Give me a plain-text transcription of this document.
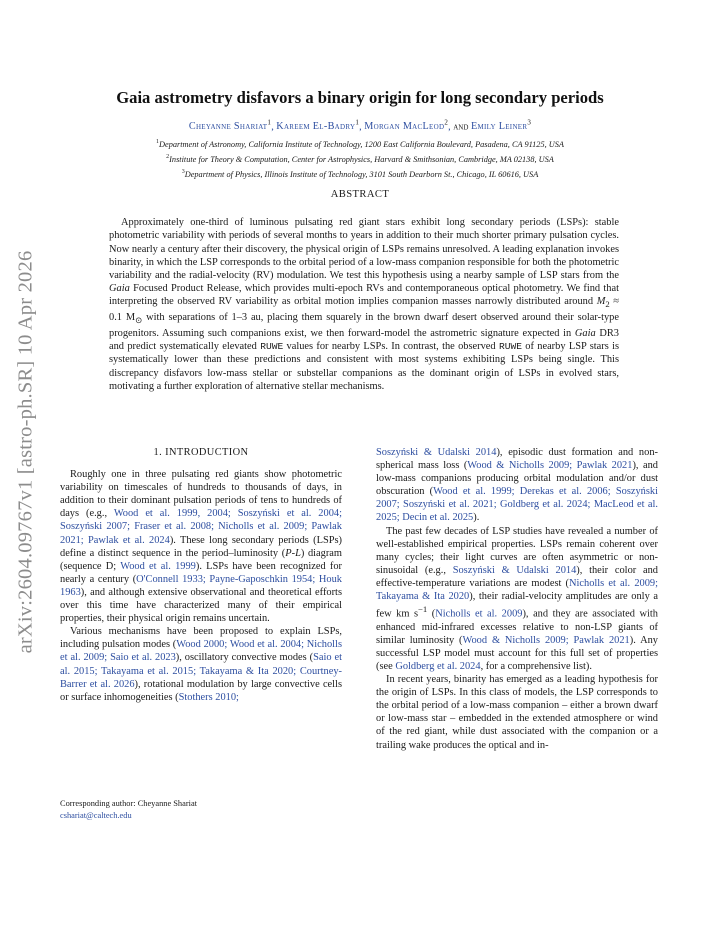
arXiv:2604.09767v1 [astro-ph.SR] 10 Apr 2026
Gaia astrometry disfavors a binary origin for long secondary periods
Cheyanne Shariat$^1$, Kareem El-Badry$^1$, Morgan MacLeod$^2$, and Emily Leiner$^3$
$^1$Department of Astronomy, California Institute of Technology, 1200 East California Boulevard, Pasadena, CA 91125, USA
$^2$Institute for Theory & Computation, Center for Astrophysics, Harvard & Smithsonian, Cambridge, MA 02138, USA
$^3$Department of Physics, Illinois Institute of Technology, 3101 South Dearborn St., Chicago, IL 60616, USA
ABSTRACT

Approximately one-third of luminous pulsating red giant stars exhibit long secondary periods (LSPs): stable photometric variability with periods of several months to years in addition to their much shorter primary pulsation cycles. Now nearly a century after their discovery, the physical origin of LSPs remains unresolved. A leading explanation invokes binarity, in which the LSP corresponds to the orbital period of a low-mass companion responsible for both the photometric variability and the radial-velocity (RV) modulation. We test this hypothesis using a nearby sample of LSP stars from the Gaia Focused Product Release, which provides multi-epoch RVs and contemporaneous optical photometry. We find that interpreting the observed RV variability as orbital motion implies companion masses narrowly distributed around $M_2 \approx 0.1$ $M_⊙$ with separations of 1–3 au, placing them squarely in the brown dwarf desert observed around their solar-type progenitors. Assuming such companions exist, we then forward-model the astrometric signature expected in Gaia DR3 and predict systematically elevated RUWE values for nearby LSPs. In contrast, the observed RUWE of nearby LSP stars is systematically lower than these predictions and consistent with most systems exhibiting LSPs being single. This discrepancy disfavors low-mass stellar or substellar companions as the dominant origin of LSPs in evolved stars, motivating a further exploration of alternative stellar mechanisms.

1. INTRODUCTION

Roughly one in three pulsating red giants show photometric variability on timescales of hundreds to thousands of days, in addition to their dominant pulsation periods of tens to hundreds of days (e.g., Wood et al. 1999, 2004; Soszyński et al. 2004; Soszyński 2007; Fraser et al. 2008; Nicholls et al. 2009; Pawlak 2021; Pawlak et al. 2024). These long secondary periods (LSPs) define a distinct sequence in the period–luminosity (P-L) diagram (sequence D; Wood et al. 1999). LSPs have been recognized for nearly a century (O'Connell 1933; Payne-Gaposchkin 1954; Houk 1963), and although extensive observational and theoretical efforts over this time have characterized many of their empirical properties, their physical origin remains uncertain.

Various mechanisms have been proposed to explain LSPs, including pulsation modes (Wood 2000; Wood et al. 2004; Nicholls et al. 2009; Saio et al. 2023), oscillatory convective modes (Saio et al. 2015; Takayama et al. 2015; Takayama & Ita 2020; Courtney-Barrer et al. 2026), rotational modulation by large convective cells or surface inhomogeneities (Stothers 2010;

Soszyński & Udalski 2014), episodic dust formation and non-spherical mass loss (Wood & Nicholls 2009; Pawlak 2021), and low-mass companions producing orbital modulation and/or dust obscuration (Wood et al. 1999; Derekas et al. 2006; Soszyński 2007; Soszyński et al. 2021; Goldberg et al. 2024; MacLeod et al. 2025; Decin et al. 2025).

The past few decades of LSP studies have revealed a number of well-established empirical properties. LSPs remain coherent over many cycles; their light curves are often asymmetric or non-sinusoidal (e.g., Soszyński & Udalski 2014), their color and effective-temperature variations are modest (Nicholls et al. 2009; Takayama & Ita 2020), their radial-velocity amplitudes are only a few km $s^{-1}$ (Nicholls et al. 2009), and they are associated with enhanced mid-infrared excesses relative to non-LSP giants of similar luminosity (Wood & Nicholls 2009; Pawlak 2021). Any successful LSP model must account for this full set of properties (see Goldberg et al. 2024, for a comprehensive list).

In recent years, binarity has emerged as a leading hypothesis for the origin of LSPs. In this class of models, the LSP corresponds to the orbital period of a low-mass companion – either a brown dwarf or low-mass star – embedded in the extended atmosphere or wind of the red giant, while dust associated with the companion or a trailing wake produces the optical and in-

Corresponding author: Cheyanne Shariat
cshariat@caltech.edu
